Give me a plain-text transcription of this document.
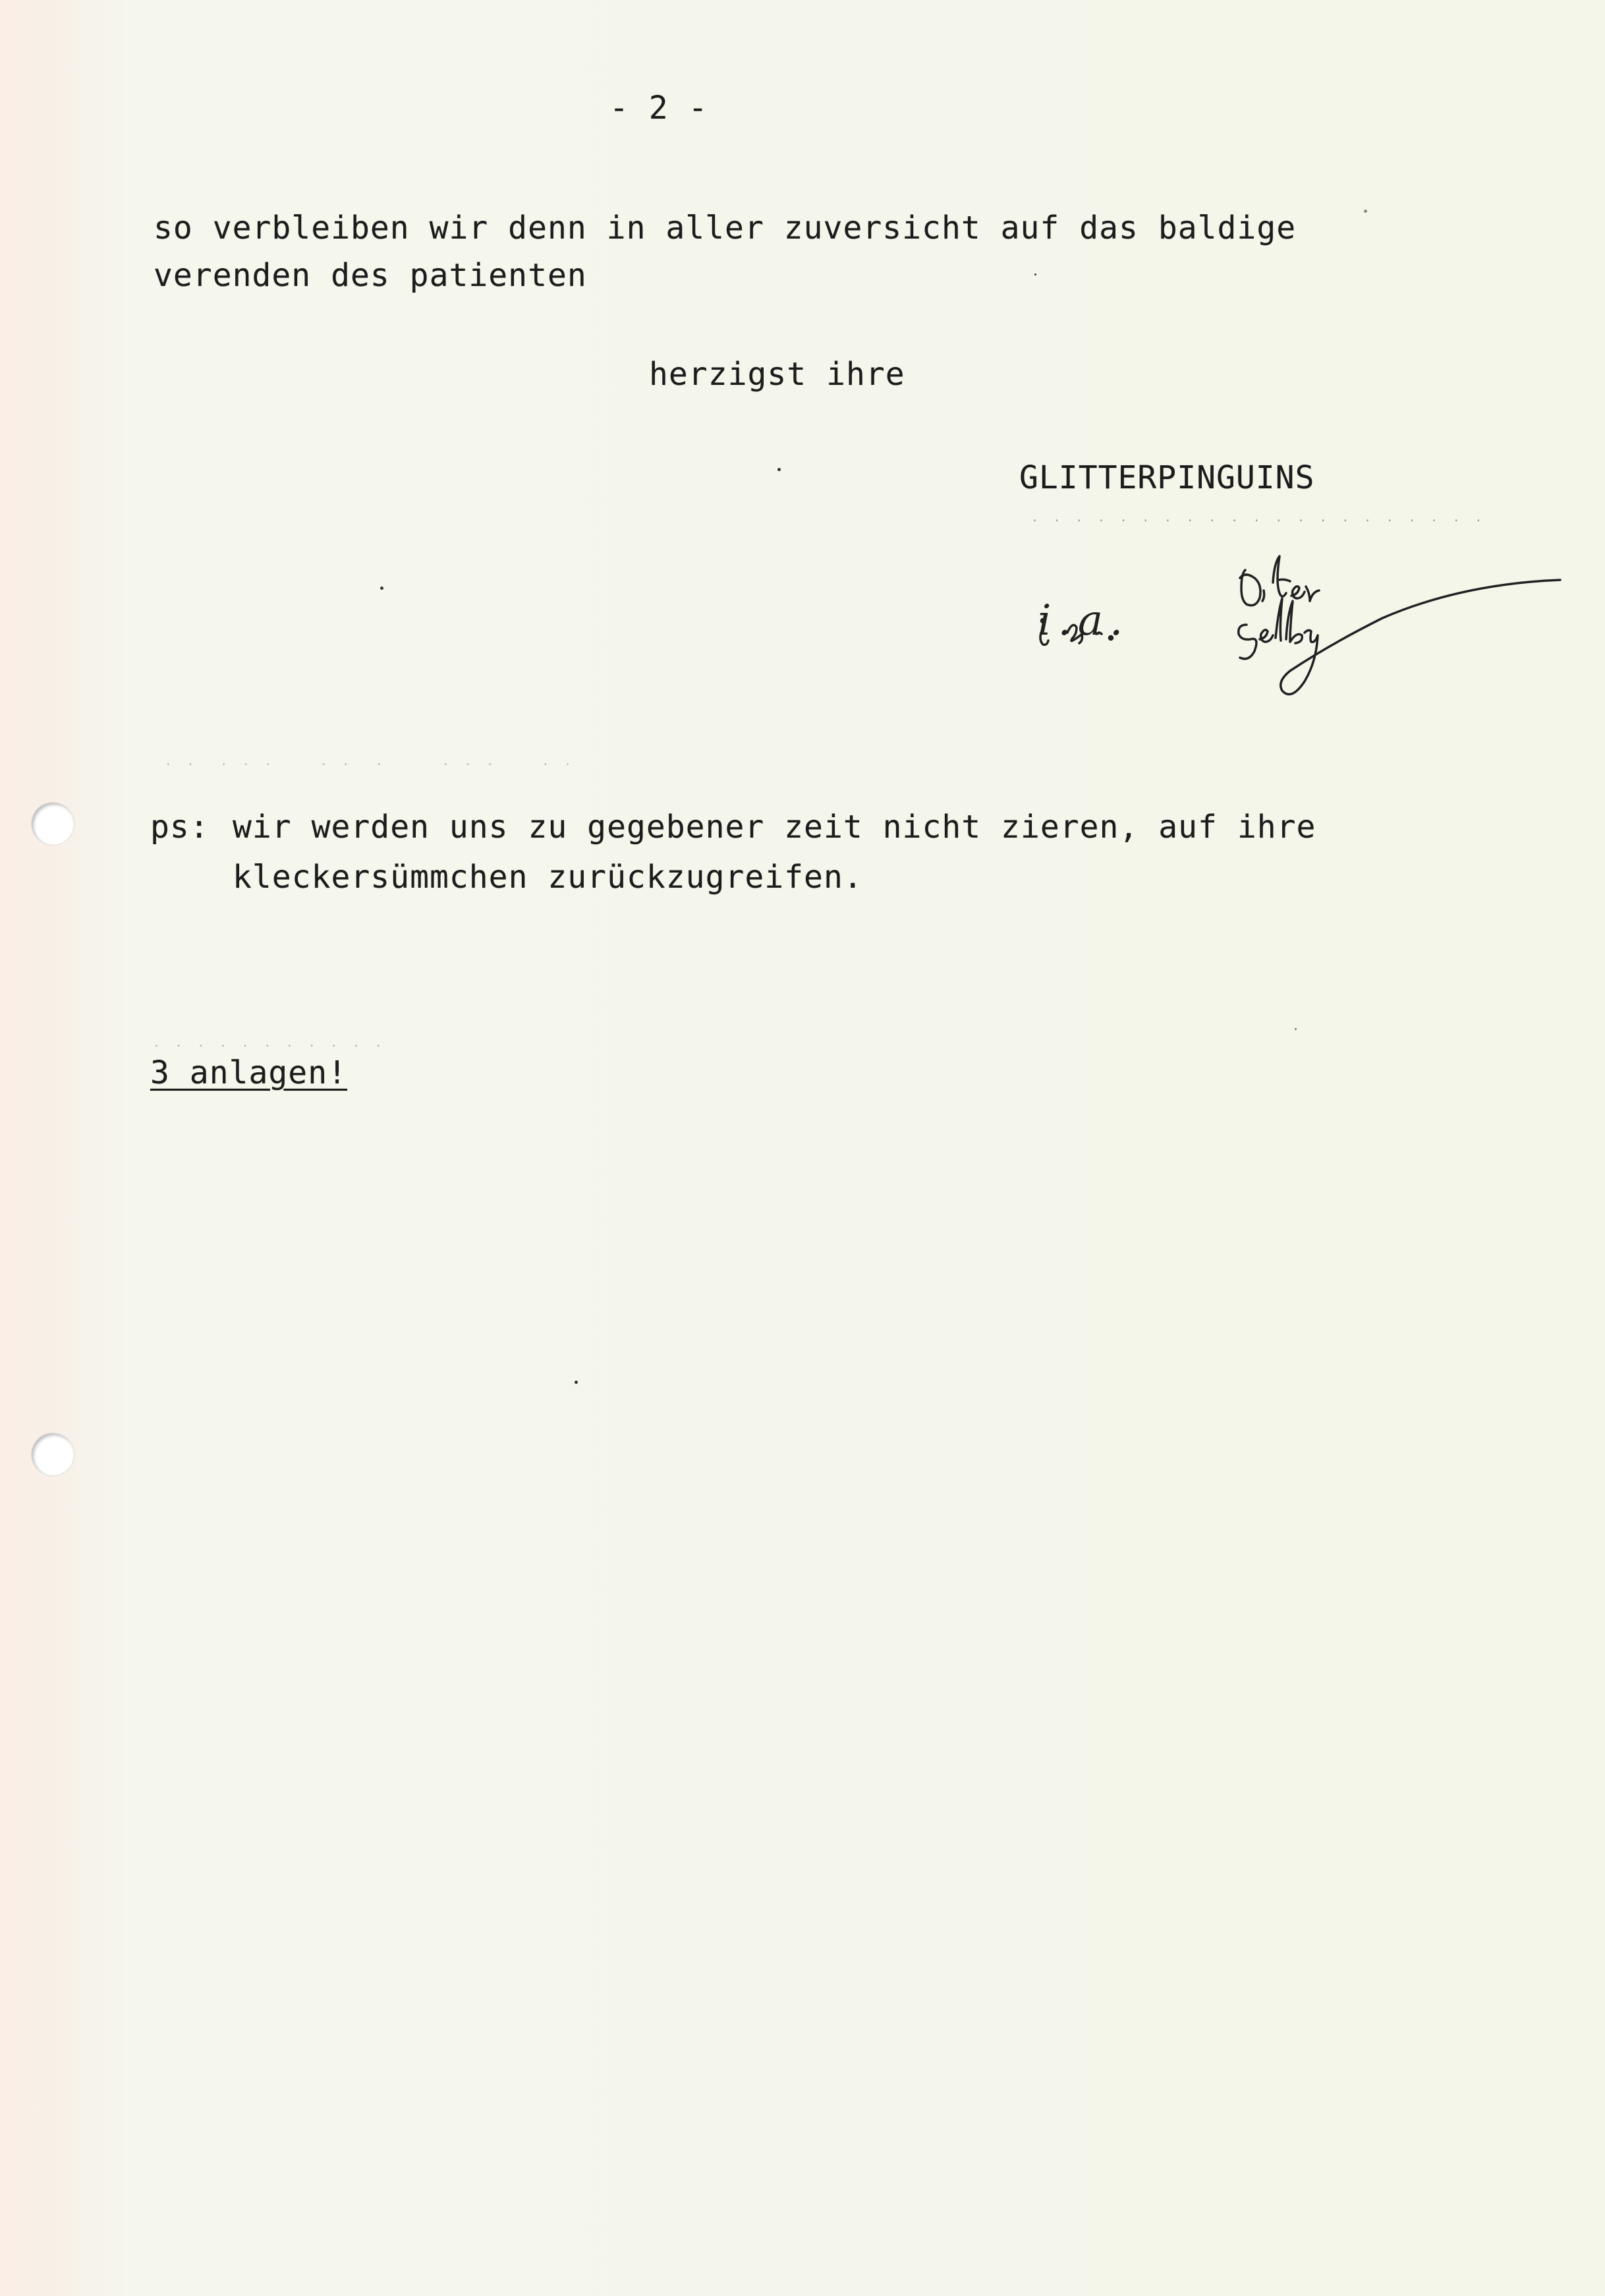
- 2 -
so verbleiben wir denn in aller zuversicht auf das baldige
verenden des patienten
herzigst ihre
GLITTERPINGUINS
. . . . . . . . . . . . . . . . . . . . .
i.a.
. .  . . .    . .  .     . . .    . .
ps: wir werden uns zu gegebener zeit nicht zieren, auf ihre
kleckersümmchen zurückzugreifen.
. . . . . . . . . . .
3 anlagen!
